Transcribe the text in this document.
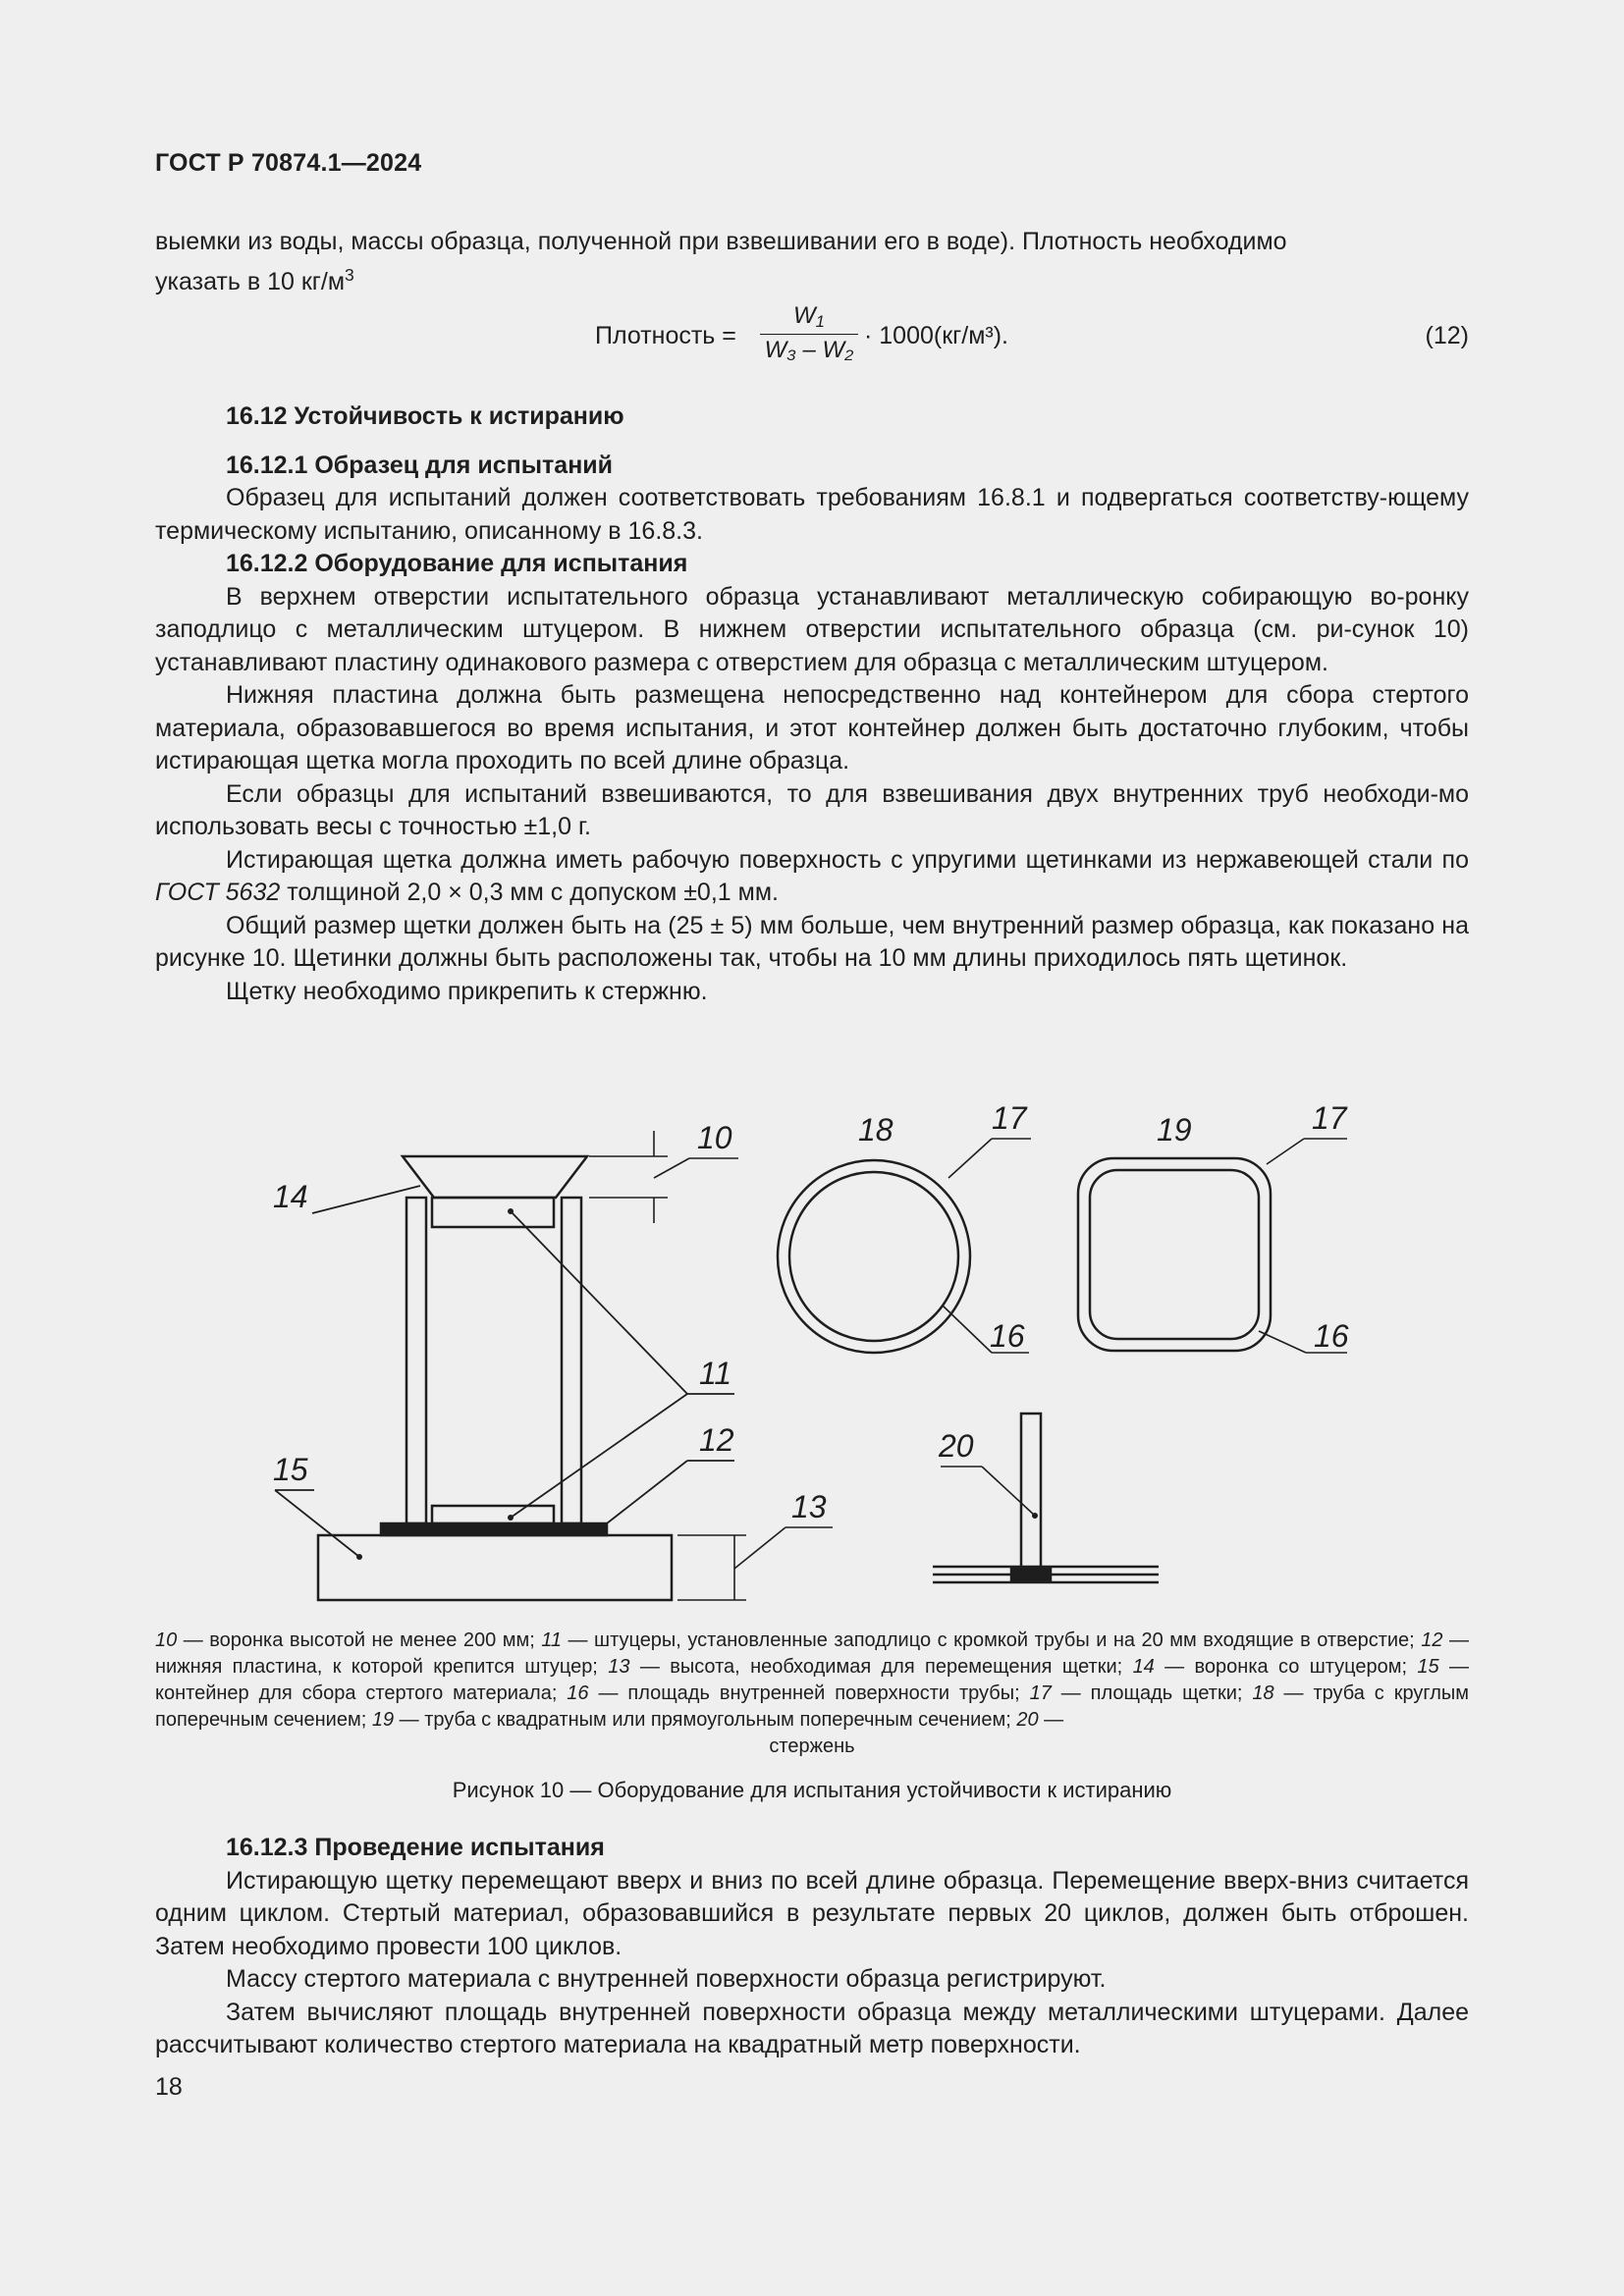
ГОСТ Р 70874.1—2024

выемки из воды, массы образца, полученной при взвешивании его в воде). Плотность необходимо

указать в 10 $кг/м^3$

Плотность =
$W_1$
W₃ – W₂
· 1000(кг/м³).	(12)

16.12 Устойчивость к истиранию

16.12.1 Образец для испытаний

Образец для испытаний должен соответствовать требованиям 16.8.1 и подвергаться соответству-ющему термическому испытанию, описанному в 16.8.3.

16.12.2 Оборудование для испытания

В верхнем отверстии испытательного образца устанавливают металлическую собирающую во-ронку заподлицо с металлическим штуцером. В нижнем отверстии испытательного образца (см. ри-сунок 10) устанавливают пластину одинакового размера с отверстием для образца с металлическим штуцером.

Нижняя пластина должна быть размещена непосредственно над контейнером для сбора стертого материала, образовавшегося во время испытания, и этот контейнер должен быть достаточно глубоким, чтобы истирающая щетка могла проходить по всей длине образца.

Если образцы для испытаний взвешиваются, то для взвешивания двух внутренних труб необходи-мо использовать весы с точностью ±1,0 г.

Истирающая щетка должна иметь рабочую поверхность с упругими щетинками из нержавеющей стали по ГОСТ 5632 толщиной 2,0 × 0,3 мм с допуском ±0,1 мм.

Общий размер щетки должен быть на (25 ± 5) мм больше, чем внутренний размер образца, как показано на рисунке 10. Щетинки должны быть расположены так, чтобы на 10 мм длины приходилось пять щетинок.

Щетку необходимо прикрепить к стержню.

10
11
12
13
14
15
18	17
16
19	17
16
20
10 — воронка высотой не менее 200 мм; 11 — штуцеры, установленные заподлицо с кромкой трубы и на 20 мм входящие в отверстие; 12 — нижняя пластина, к которой крепится штуцер; 13 — высота, необходимая для перемещения щетки; 14 — воронка со штуцером; 15 — контейнер для сбора стертого материала; 16 — площадь внутренней поверхности трубы; 17 — площадь щетки; 18 — труба с круглым поперечным сечением; 19 — труба с квадратным или прямоугольным поперечным сечением; 20 —
стержень
Рисунок 10 — Оборудование для испытания устойчивости к истиранию

16.12.3 Проведение испытания

Истирающую щетку перемещают вверх и вниз по всей длине образца. Перемещение вверх-вниз считается одним циклом. Стертый материал, образовавшийся в результате первых 20 циклов, должен быть отброшен. Затем необходимо провести 100 циклов.

Массу стертого материала с внутренней поверхности образца регистрируют.

Затем вычисляют площадь внутренней поверхности образца между металлическими штуцерами. Далее рассчитывают количество стертого материала на квадратный метр поверхности.

18
